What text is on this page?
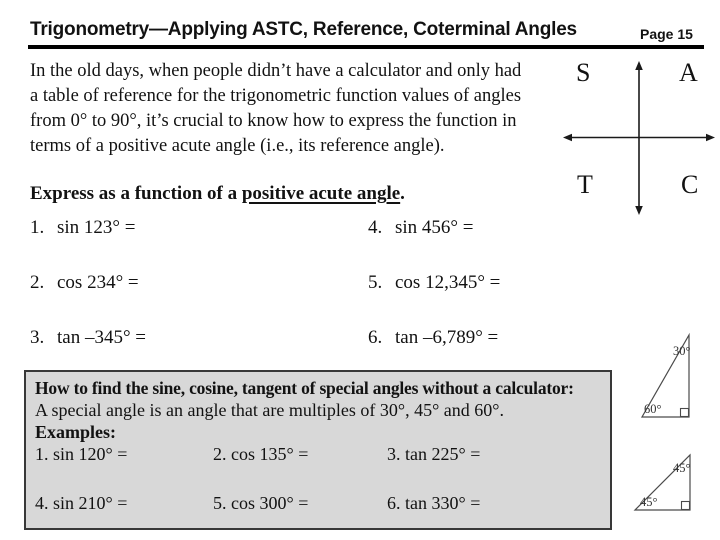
Trigonometry—Applying ASTC, Reference, Coterminal Angles	Page 15
In the old days, when people didn’t have a calculator and only had
a table of reference for the trigonometric function values of angles
from 0° to 90°, it’s crucial to know how to express the function in
terms of a positive acute angle (i.e., its reference angle).
S	A
T	C
Express as a function of a positive acute angle.
1. sin 123° =
2. cos 234° =
3. tan –345° =
4. sin 456° =
5. cos 12,345° =
6. tan –6,789° =
How to find the sine, cosine, tangent of special angles without a calculator:
A special angle is an angle that are multiples of 30°, 45° and 60°.
Examples:
1. sin 120° =	2. cos 135° =	3. tan 225° =
4. sin 210° =	5. cos 300° =	6. tan 330° =
30°
60°
45°
45°
